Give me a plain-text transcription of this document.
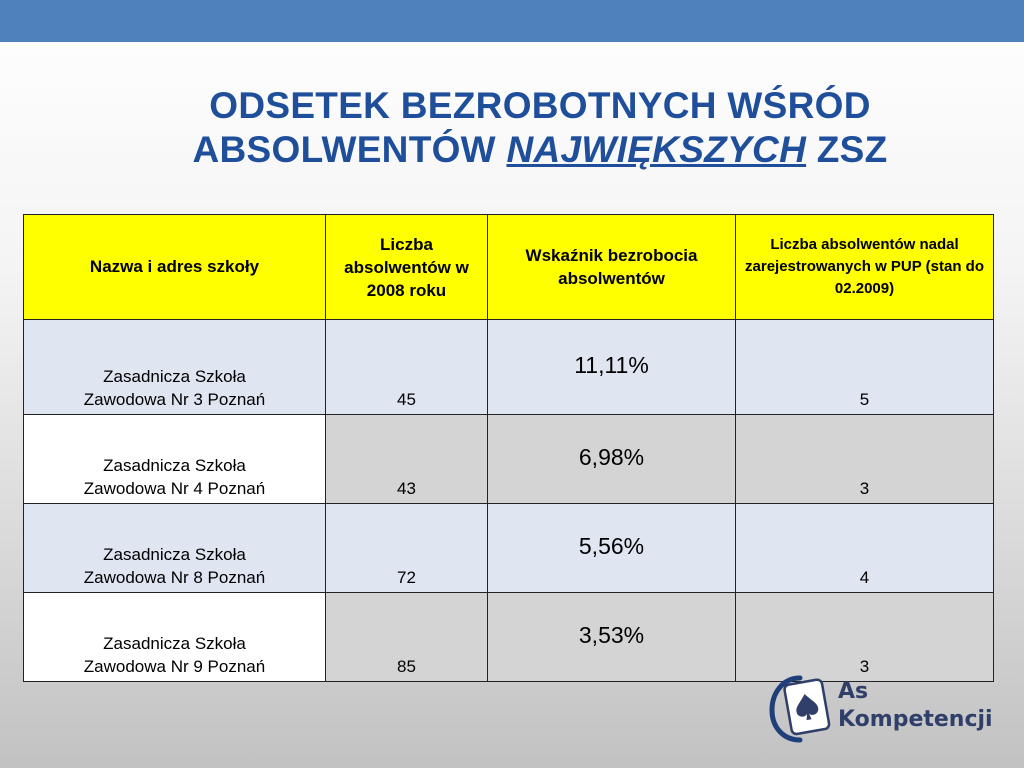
ODSETEK BEZROBOTNYCH WŚRÓD
ABSOLWENTÓW NAJWIĘKSZYCH ZSZ
Nazwa i adres szkoły	Liczba absolwentów w 2008 roku	Wskaźnik bezrobocia absolwentów	Liczba absolwentów nadal zarejestrowanych w PUP (stan do 02.2009)

Zasadnicza Szkoła
Zawodowa Nr 3 Poznań	45	11,11%	5

Zasadnicza Szkoła
Zawodowa Nr 4 Poznań	43	6,98%	3

Zasadnicza Szkoła
Zawodowa Nr 8 Poznań	72	5,56%	4

Zasadnicza Szkoła
Zawodowa Nr 9 Poznań	85	3,53%	3
As
Kompetencji
